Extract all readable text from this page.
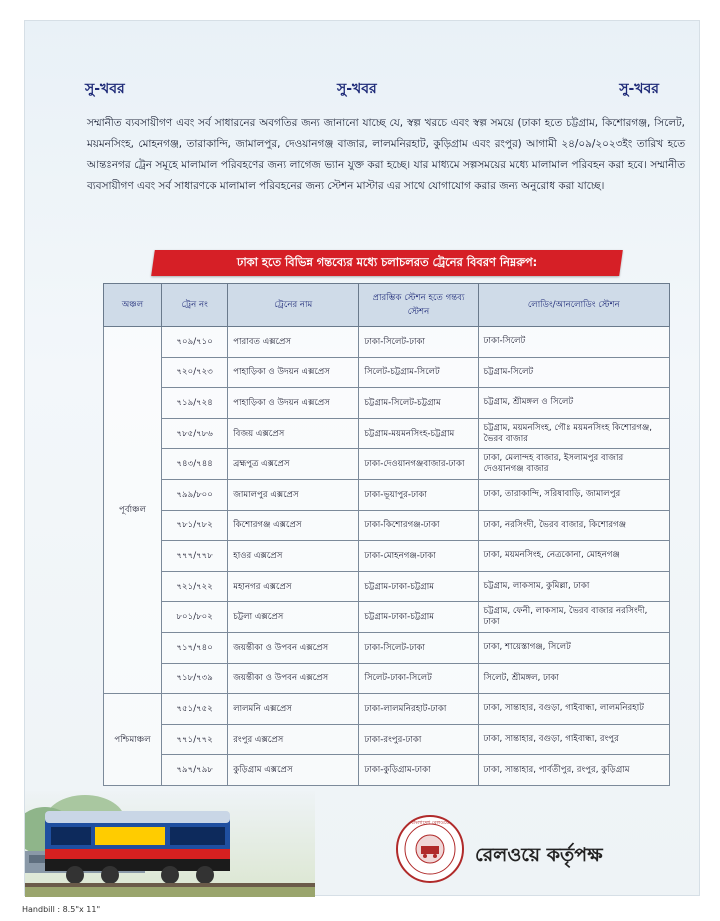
সু-খবর	সু-খবর	সু-খবর

সম্মানীত ব্যবসায়ীগণ এবং সর্ব সাধারনের অবগতির জন্য জানানো যাচ্ছে যে, স্বল্প খরচে এবং স্বল্প সময়ে (ঢাকা হতে চট্টগ্রাম, কিশোরগঞ্জ, সিলেট, ময়মনসিংহ, মোহনগঞ্জ, তারাকান্দি, জামালপুর, দেওয়ানগঞ্জ বাজার, লালমনিরহাট, কুড়িগ্রাম এবং রংপুর) আগামী ২৪/০৯/২০২৩ইং তারিখ হতে আন্তঃনগর ট্রেন সমূহে মালামাল পরিবহণের জন্য লাগেজ ভ্যান যুক্ত করা হচ্ছে। যার মাধ্যমে সল্পসময়ের মধ্যে মালামাল পরিবহন করা হবে। সম্মানীত ব্যবসায়ীগণ এবং সর্ব সাধারণকে মালামাল পরিবহনের জন্য স্টেশন মাস্টার এর সাথে যোগাযোগ করার জন্য অনুরোধ করা যাচ্ছে।

ঢাকা হতে বিভিন্ন গন্তব্যের মধ্যে চলাচলরত ট্রেনের বিবরণ নিম্নরুপ:
অঞ্চল	ট্রেন নং	ট্রেনের নাম	প্রারম্ভিক স্টেশন হতে গন্তব্য স্টেশন	লোডিং/আনলোডিং স্টেশন
পূর্বাঞ্চল	৭০৯/৭১০	পারাবত এক্সপ্রেস	ঢাকা-সিলেট-ঢাকা	ঢাকা-সিলেট
	৭২০/৭২৩	পাহাড়িকা ও উদয়ন এক্সপ্রেস	সিলেট-চট্টগ্রাম-সিলেট	চট্টগ্রাম-সিলেট
	৭১৯/৭২৪	পাহাড়িকা ও উদয়ন এক্সপ্রেস	চট্টগ্রাম-সিলেট-চট্টগ্রাম	চট্টগ্রাম, শ্রীমঙ্গল ও সিলেট
	৭৮৫/৭৮৬	বিজয় এক্সপ্রেস	চট্টগ্রাম-ময়মনসিংহ-চট্টগ্রাম	চট্টগ্রাম, ময়মনসিংহ, গৌঃ ময়মনসিংহ কিশোরগঞ্জ, ভৈরব বাজার
	৭৪৩/৭৪৪	ব্রহ্মপুত্র এক্সপ্রেস	ঢাকা-দেওয়ানগঞ্জবাজার-ঢাকা	ঢাকা, মেলান্দহ বাজার, ইসলামপুর বাজার দেওয়ানগঞ্জ বাজার
	৭৯৯/৮০০	জামালপুর এক্সপ্রেস	ঢাকা-ভূয়াপুর-ঢাকা	ঢাকা, তারাকান্দি, সরিষাবাড়ি, জামালপুর
	৭৮১/৭৮২	কিশোরগঞ্জ এক্সপ্রেস	ঢাকা-কিশোরগঞ্জ-ঢাকা	ঢাকা, নরসিংদী, ভৈরব বাজার, কিশোরগঞ্জ
	৭৭৭/৭৭৮	হাওর এক্সপ্রেস	ঢাকা-মোহনগঞ্জ-ঢাকা	ঢাকা, ময়মনসিংহ, নেত্রকোনা, মোহনগঞ্জ
	৭২১/৭২২	মহানগর এক্সপ্রেস	চট্টগ্রাম-ঢাকা-চট্টগ্রাম	চট্টগ্রাম, লাকসাম, কুমিল্লা, ঢাকা
	৮০১/৮০২	চট্টলা এক্সপ্রেস	চট্টগ্রাম-ঢাকা-চট্টগ্রাম	চট্টগ্রাম, ফেনী, লাকসাম, ভৈরব বাজার নরসিংদী, ঢাকা
	৭১৭/৭৪০	জয়ন্তীকা ও উপবন এক্সপ্রেস	ঢাকা-সিলেট-ঢাকা	ঢাকা, শায়েস্তাগঞ্জ, সিলেট
	৭১৮/৭৩৯	জয়ন্তীকা ও উপবন এক্সপ্রেস	সিলেট-ঢাকা-সিলেট	সিলেট, শ্রীমঙ্গল, ঢাকা
পশ্চিমাঞ্চল	৭৫১/৭৫২	লালমনি এক্সপ্রেস	ঢাকা-লালমনিরহাট-ঢাকা	ঢাকা, সান্তাহার, বগুড়া, গাইবান্ধা, লালমনিরহাট
	৭৭১/৭৭২	রংপুর এক্সপ্রেস	ঢাকা-রংপুর-ঢাকা	ঢাকা, সান্তাহার, বগুড়া, গাইবান্ধা, রংপুর
	৭৯৭/৭৯৮	কুড়িগ্রাম এক্সপ্রেস	ঢাকা-কুড়িগ্রাম-ঢাকা	ঢাকা, সান্তাহার, পার্বতীপুর, রংপুর, কুড়িগ্রাম
বাংলাদেশ রেলওয়ে
রেলওয়ে কর্তৃপক্ষ
Handbill : 8.5"x 11"
